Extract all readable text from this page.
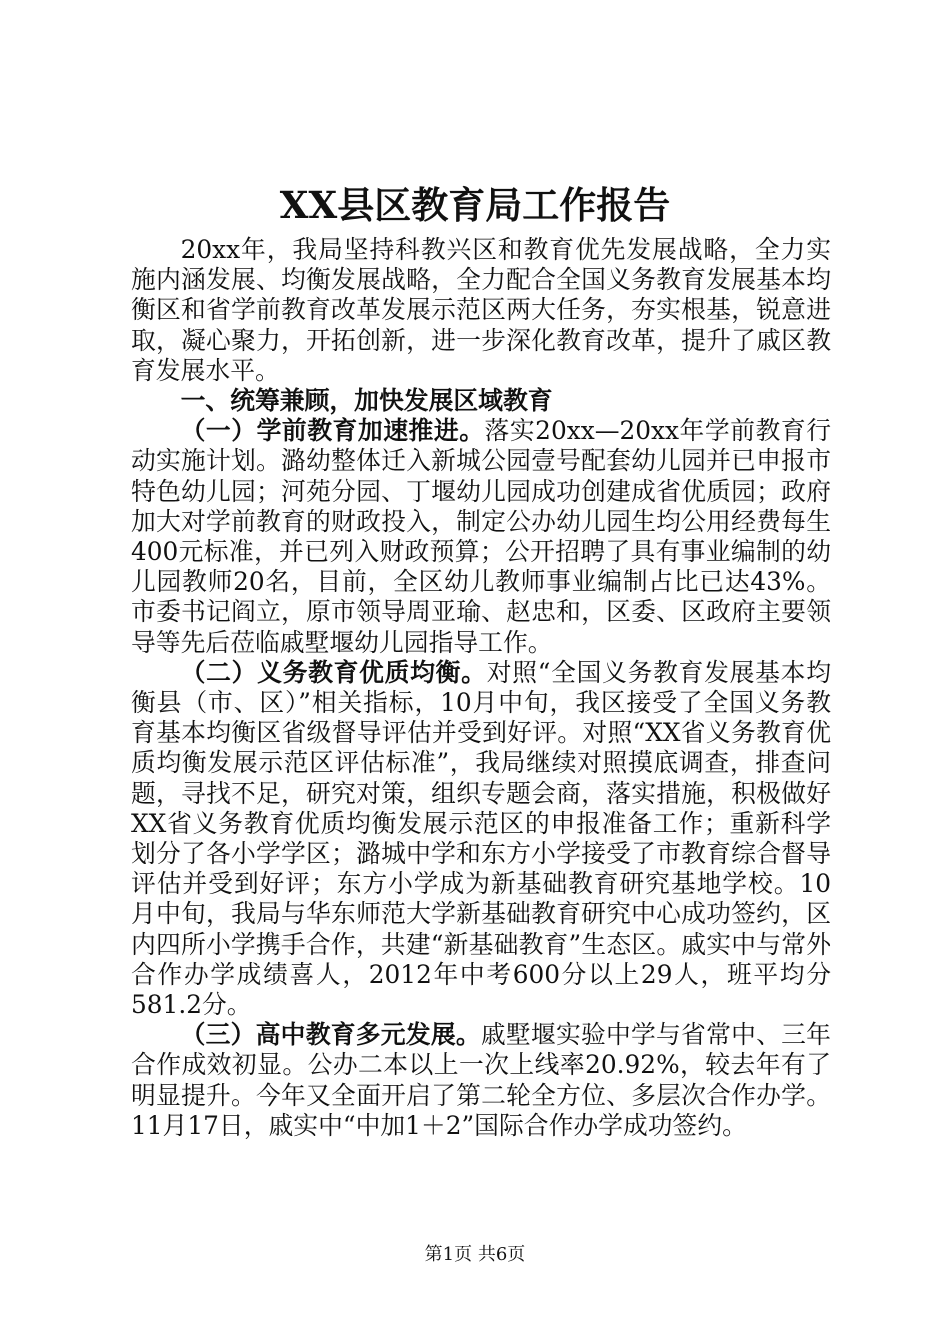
XX县区教育局工作报告

20xx年，我局坚持科教兴区和教育优先发展战略，全力实施内涵发展、均衡发展战略，全力配合全国义务教育发展基本均衡区和省学前教育改革发展示范区两大任务，夯实根基，锐意进取，凝心聚力，开拓创新，进一步深化教育改革，提升了戚区教育发展水平。

一、统筹兼顾，加快发展区域教育

（一）学前教育加速推进。落实20xx—20xx年学前教育行动实施计划。潞幼整体迁入新城公园壹号配套幼儿园并已申报市特色幼儿园；河苑分园、丁堰幼儿园成功创建成省优质园；政府加大对学前教育的财政投入，制定公办幼儿园生均公用经费每生400元标准，并已列入财政预算；公开招聘了具有事业编制的幼儿园教师20名，目前，全区幼儿教师事业编制占比已达43%。市委书记阎立，原市领导周亚瑜、赵忠和，区委、区政府主要领导等先后莅临戚墅堰幼儿园指导工作。

（二）义务教育优质均衡。对照“全国义务教育发展基本均衡县（市、区）”相关指标，10月中旬，我区接受了全国义务教育基本均衡区省级督导评估并受到好评。对照“XX省义务教育优质均衡发展示范区评估标准”，我局继续对照摸底调查，排查问题，寻找不足，研究对策，组织专题会商，落实措施，积极做好XX省义务教育优质均衡发展示范区的申报准备工作；重新科学划分了各小学学区；潞城中学和东方小学接受了市教育综合督导评估并受到好评；东方小学成为新基础教育研究基地学校。10月中旬，我局与华东师范大学新基础教育研究中心成功签约，区内四所小学携手合作，共建“新基础教育”生态区。戚实中与常外合作办学成绩喜人，2012年中考600分以上29人，班平均分581.2分。

（三）高中教育多元发展。戚墅堰实验中学与省常中、三年合作成效初显。公办二本以上一次上线率20.92%，较去年有了明显提升。今年又全面开启了第二轮全方位、多层次合作办学。11月17日，戚实中“中加1＋2”国际合作办学成功签约。

第1页 共6页
